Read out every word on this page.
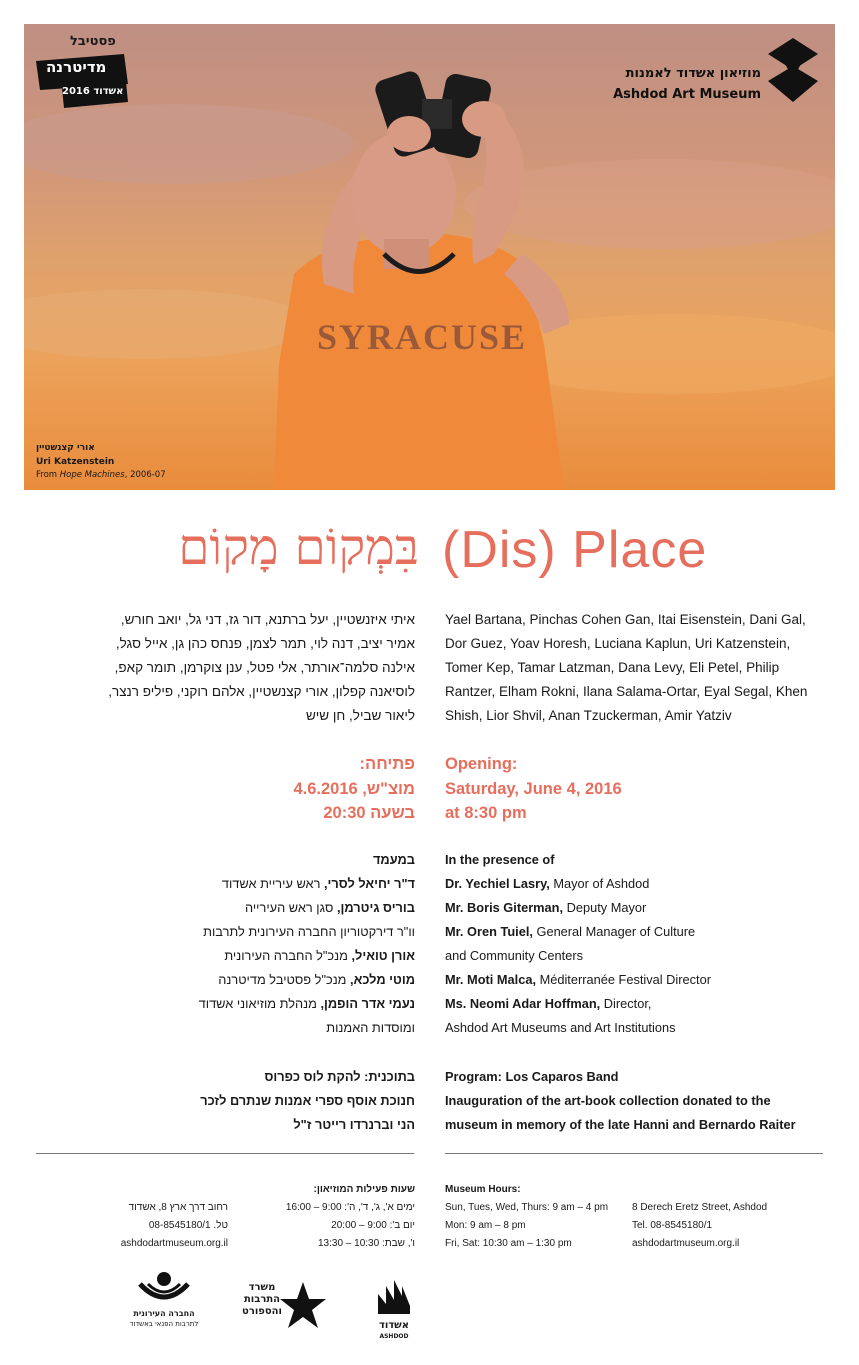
SYRACUSE
מוזיאון אשדוד לאמנות
Ashdod Art Museum
פסטיבל
מדיטרנה
אשדוד 2016
אורי קצנשטיין
Uri Katzenstein
From Hope Machines, 2006-07
בִּמְקוֹם מָקוֹם (Dis) Place
Yael Bartana, Pinchas Cohen Gan, Itai Eisenstein, Dani Gal,
Dor Guez, Yoav Horesh, Luciana Kaplun, Uri Katzenstein,
Tomer Kep, Tamar Latzman, Dana Levy, Eli Petel, Philip
Rantzer, Elham Rokni, Ilana Salama-Ortar, Eyal Segal, Khen
Shish, Lior Shvil, Anan Tzuckerman, Amir Yatziv
איתי איזנשטיין, יעל ברתנא, דור גז, דני גל, יואב חורש,
אמיר יציב, דנה לוי, תמר לצמן, פנחס כהן גן, אייל סגל,
אילנה סלמה־אורתר, אלי פטל, ענן צוקרמן, תומר קאפ,
לוסיאנה קפלון, אורי קצנשטיין, אלהם רוקני, פיליפ רנצר,
ליאור שביל, חן שיש
Opening:
Saturday, June 4, 2016
at 8:30 pm
פתיחה:
מוצ"ש, 4.6.2016
בשעה 20:30
In the presence of
Dr. Yechiel Lasry, Mayor of Ashdod
Mr. Boris Giterman, Deputy Mayor
Mr. Oren Tuiel, General Manager of Culture
and Community Centers
Mr. Moti Malca, Méditerranée Festival Director
Ms. Neomi Adar Hoffman, Director,
Ashdod Art Museums and Art Institutions
במעמד
ד"ר יחיאל לסרי, ראש עיריית אשדוד
בוריס גיטרמן, סגן ראש העירייה
וו"ר דירקטוריון החברה העירונית לתרבות
אורן טואיל, מנכ"ל החברה העירונית
מוטי מלכא, מנכ"ל פסטיבל מדיטרנה
נעמי אדר הופמן, מנהלת מוזיאוני אשדוד
ומוסדות האמנות
Program: Los Caparos Band
Inauguration of the art-book collection donated to the
museum in memory of the late Hanni and Bernardo Raiter
בתוכנית: להקת לוס כפרוס
חנוכת אוסף ספרי אמנות שנתרם לזכר
הני וברנרדו רייטר ז"ל
Museum Hours:
Sun, Tues, Wed, Thurs: 9 am – 4 pm
Mon: 9 am – 8 pm
Fri, Sat: 10:30 am – 1:30 pm
8 Derech Eretz Street, Ashdod
Tel. 08-8545180/1
ashdodartmuseum.org.il
שעות פעילות המוזיאון:
ימים א', ג', ד', ה': 9:00 – 16:00
יום ב': 9:00 – 20:00
ו', שבת: 10:30 – 13:30
רחוב דרך ארץ 8, אשדוד
טל. 08-8545180/1
ashdodartmuseum.org.il
החברה העירונית
לתרבות הפנאי באשדוד
משרד
התרבות
והספורט
אשדוד
ASHDOD
